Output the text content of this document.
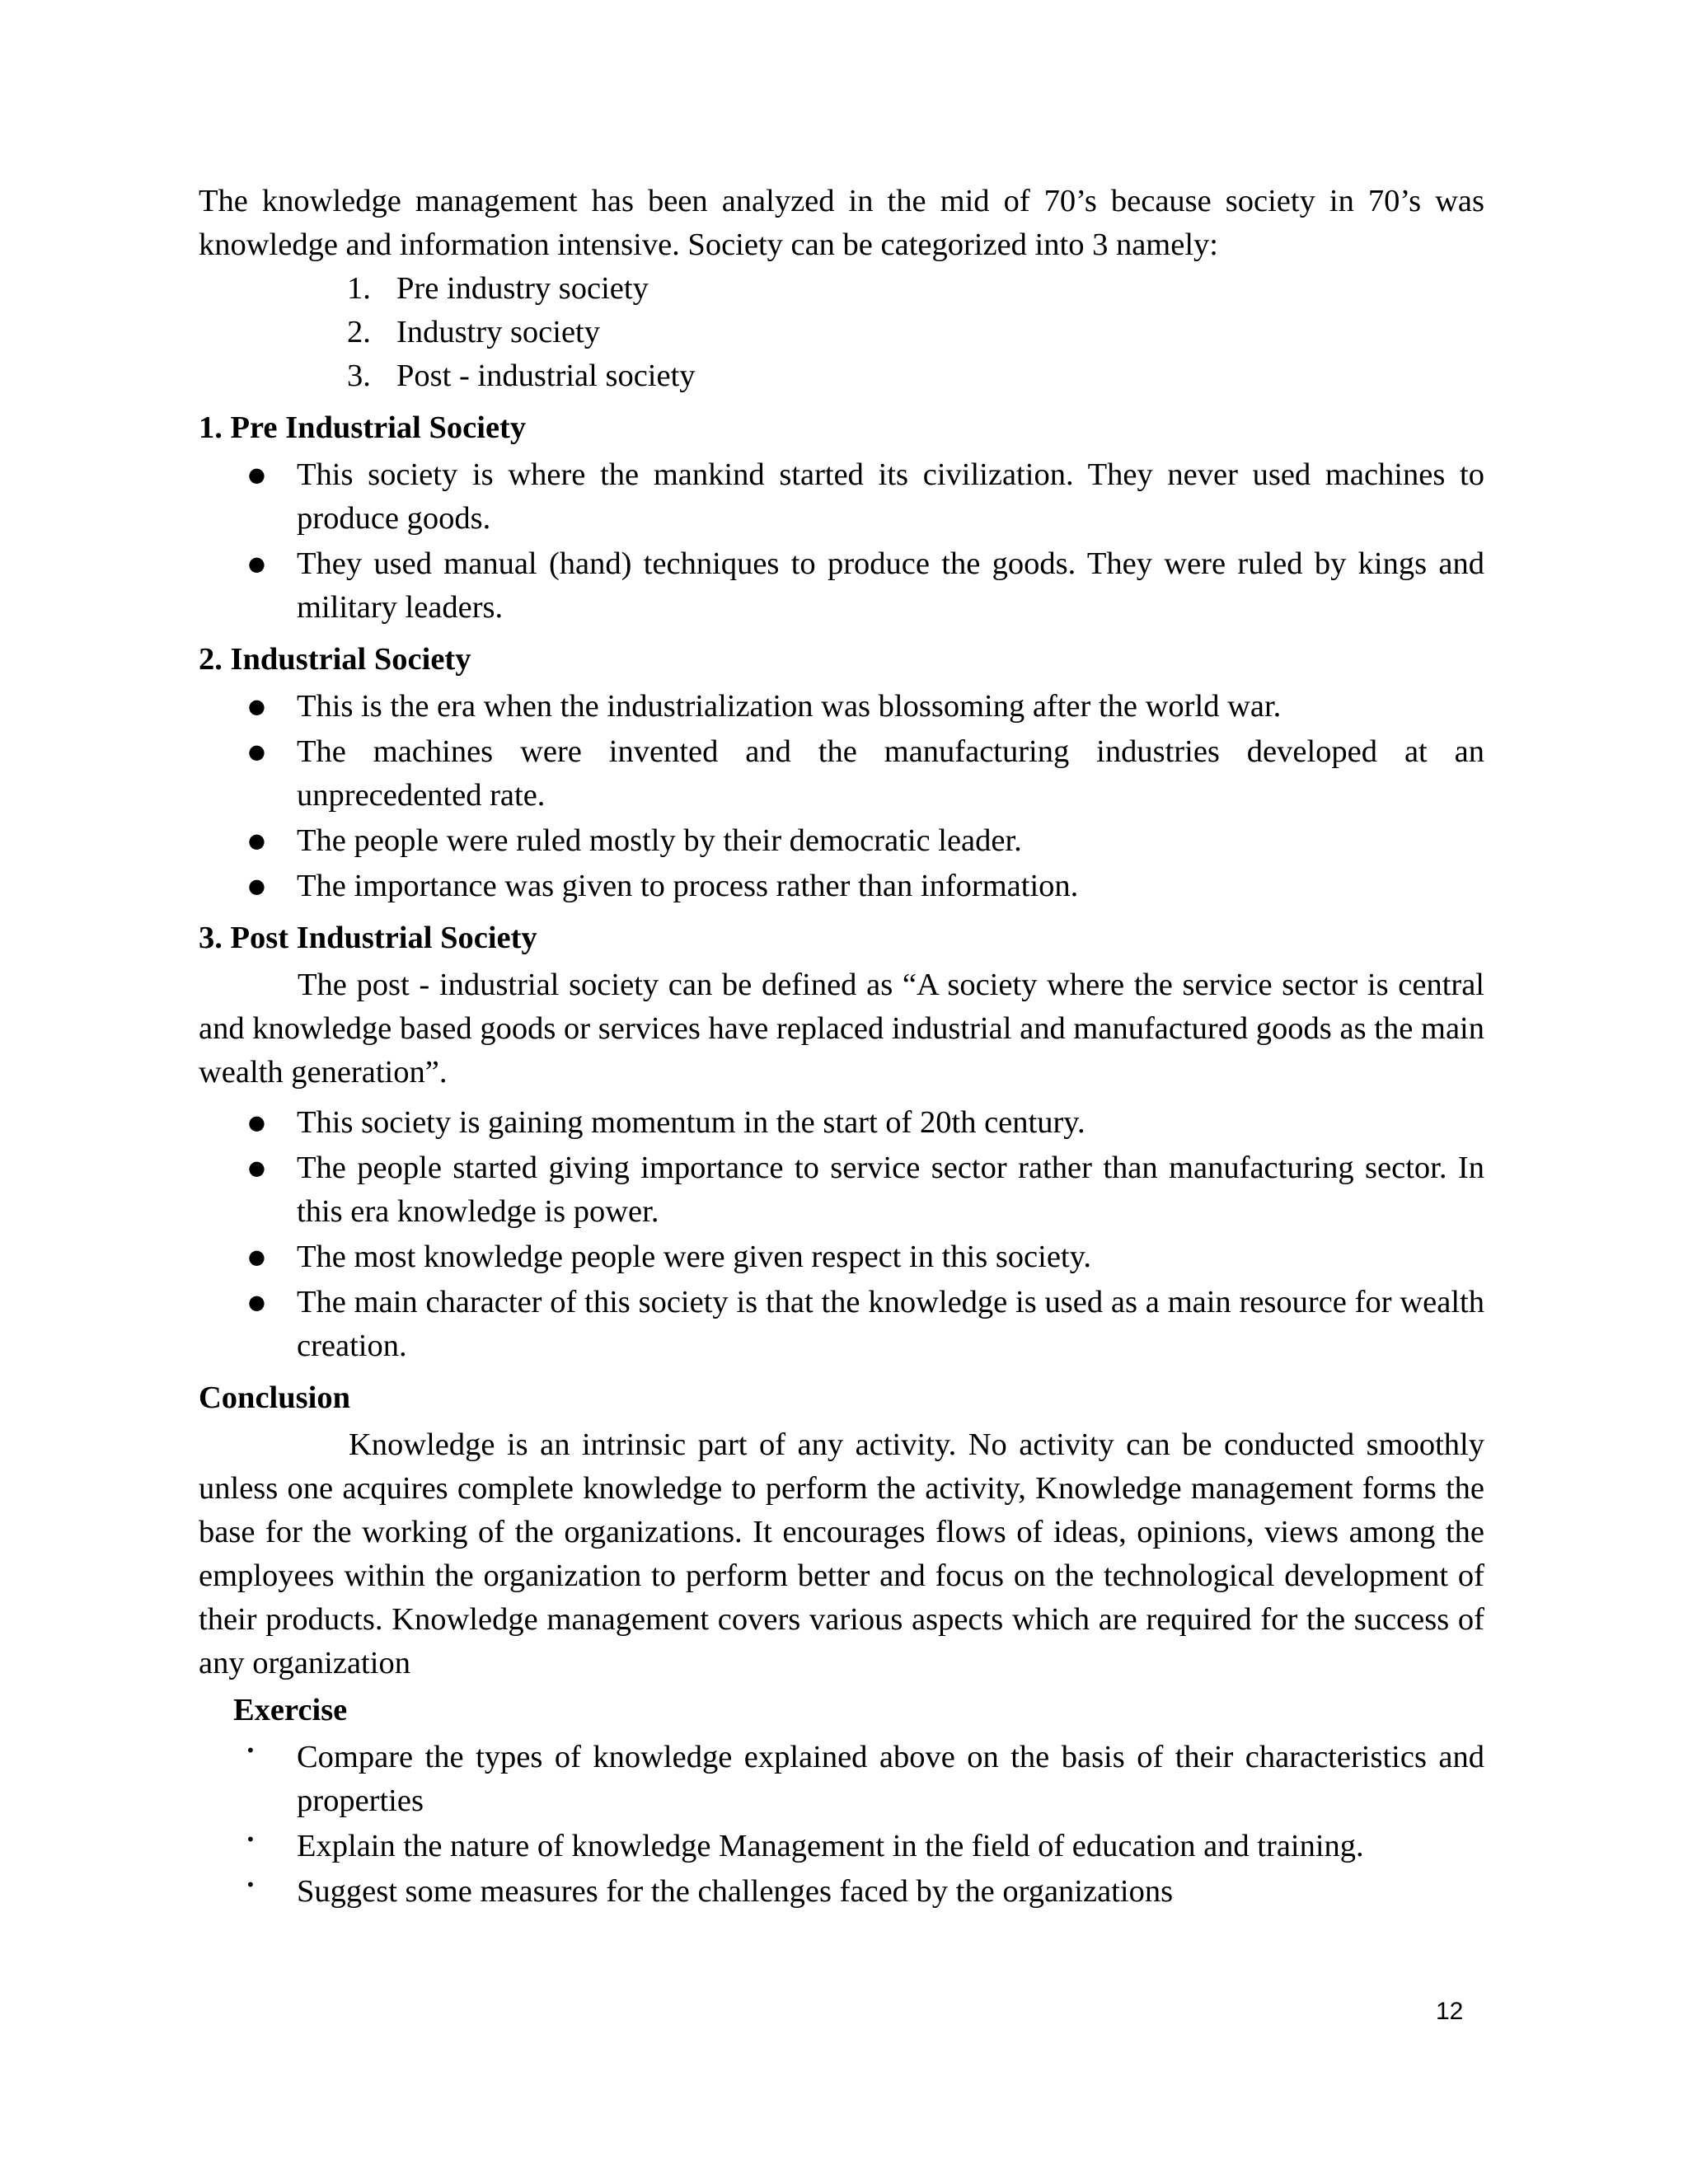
The knowledge management has been analyzed in the mid of 70’s because society in 70’s was knowledge and information intensive. Society can be categorized into 3 namely:

1. Pre industry society
2. Industry society
3. Post - industrial society
1. Pre Industrial Society
● This society is where the mankind started its civilization. They never used machines to produce goods.
● They used manual (hand) techniques to produce the goods. They were ruled by kings and military leaders.
2. Industrial Society
● This is the era when the industrialization was blossoming after the world war.
● The machines were invented and the manufacturing industries developed at an unprecedented rate.
● The people were ruled mostly by their democratic leader.
● The importance was given to process rather than information.
3. Post Industrial Society

The post - industrial society can be defined as “A society where the service sector is central and knowledge based goods or services have replaced industrial and manufactured goods as the main wealth generation”.

● This society is gaining momentum in the start of 20th century.
● The people started giving importance to service sector rather than manufacturing sector. In this era knowledge is power.
● The most knowledge people were given respect in this society.
● The main character of this society is that the knowledge is used as a main resource for wealth creation.
Conclusion

Knowledge is an intrinsic part of any activity. No activity can be conducted smoothly unless one acquires complete knowledge to perform the activity, Knowledge management forms the base for the working of the organizations. It encourages flows of ideas, opinions, views among the employees within the organization to perform better and focus on the technological development of their products. Knowledge management covers various aspects which are required for the success of any organization

Exercise
• Compare the types of knowledge explained above on the basis of their characteristics and properties
• Explain the nature of knowledge Management in the field of education and training.
• Suggest some measures for the challenges faced by the organizations
12
